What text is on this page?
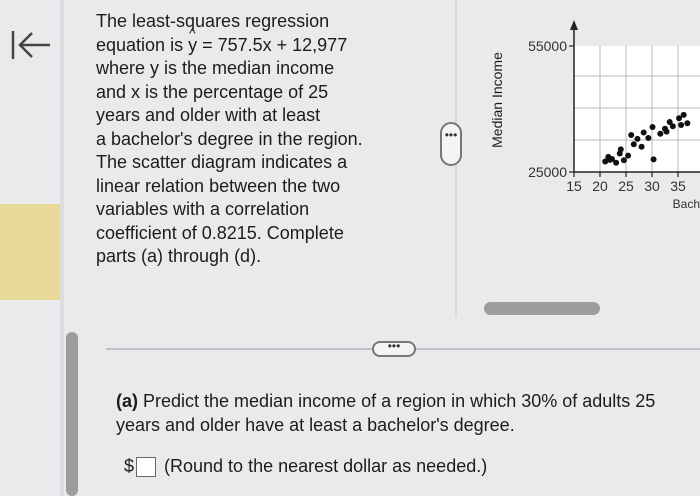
The least-squares regression
equation is ^ y = 757.5x + 12,977
where y is the median income
and x is the percentage of 25
years and older with at least
a bachelor's degree in the region.
The scatter diagram indicates a
linear relation between the two
variables with a correlation
coefficient of 0.8215. Complete
parts (a) through (d).
•••	Median Income
25000
55000
15 20 25 30 35
Bach
•••
(a) Predict the median income of a region in which 30% of adults 25
years and older have at least a bachelor's degree.
$ (Round to the nearest dollar as needed.)
